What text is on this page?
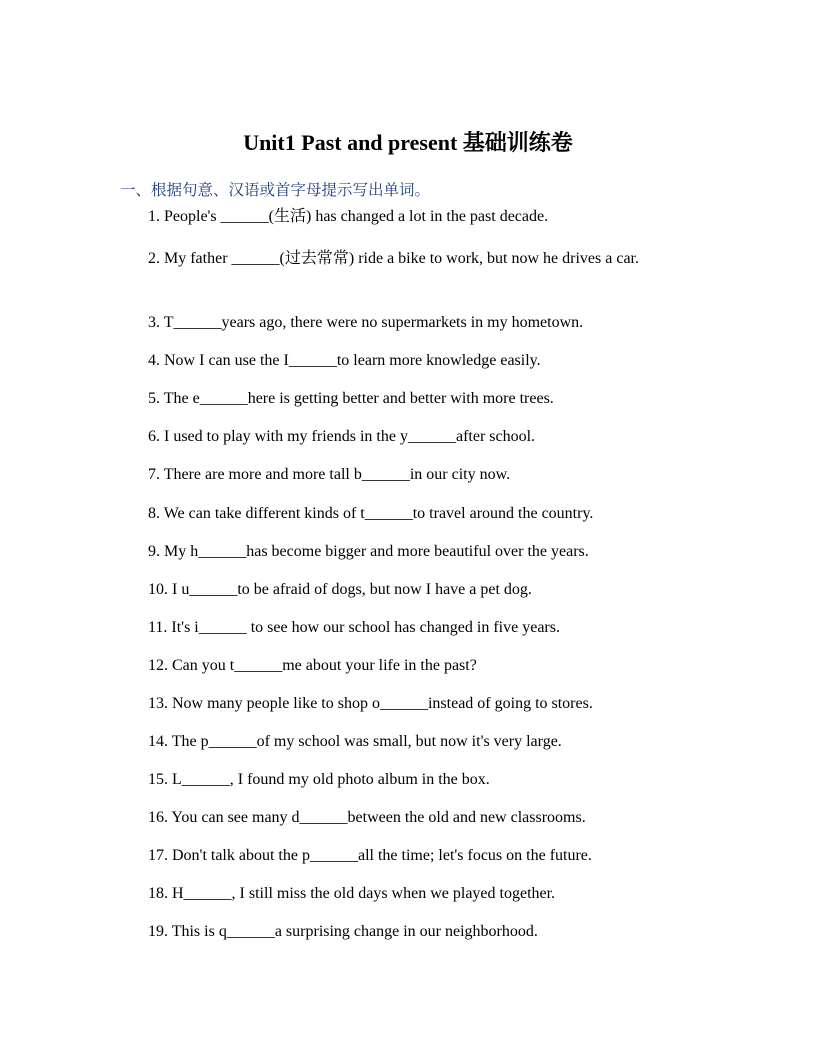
Unit1 Past and present 基础训练卷
一、根据句意、汉语或首字母提示写出单词。
1. People's ______(生活) has changed a lot in the past decade.
2. My father ______(过去常常) ride a bike to work, but now he drives a car.
3. T______years ago, there were no supermarkets in my hometown.
4. Now I can use the I______to learn more knowledge easily.
5. The e______here is getting better and better with more trees.
6. I used to play with my friends in the y______after school.
7. There are more and more tall b______in our city now.
8. We can take different kinds of t______to travel around the country.
9. My h______has become bigger and more beautiful over the years.
10. I u______to be afraid of dogs, but now I have a pet dog.
11. It's i______ to see how our school has changed in five years.
12. Can you t______me about your life in the past?
13. Now many people like to shop o______instead of going to stores.
14. The p______of my school was small, but now it's very large.
15. L______, I found my old photo album in the box.
16. You can see many d______between the old and new classrooms.
17. Don't talk about the p______all the time; let's focus on the future.
18. H______, I still miss the old days when we played together.
19. This is q______a surprising change in our neighborhood.
